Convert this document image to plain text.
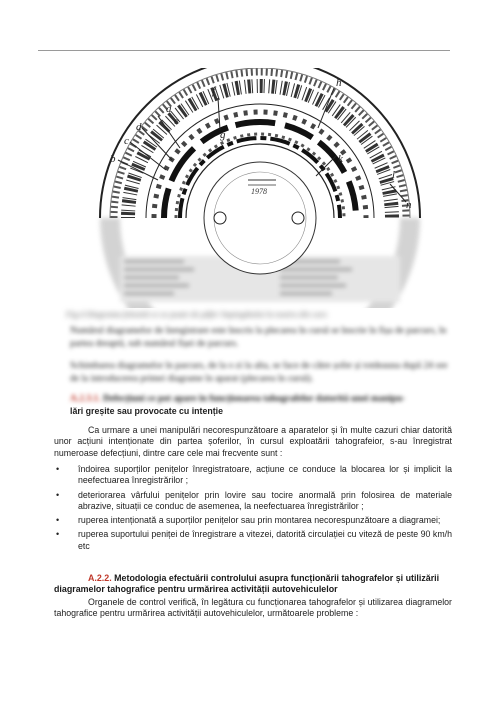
1978
b
c
d	e
f
g
h
k
l
n
a
Fig.4 Diagrama folosită ce se poate de păfer împingătului la nostru din curs
Numărul diagramelor de înregistrare este înscris la plecarea în cursă se înscrie în fișa de parcurs, în partea dreaptă, sub numărul fișei de parcurs.
Schimbarea diagramelor în parcurs, de la o zi la alta, se face de către șofer și totdeauna după 24 ore de la introducerea primei diagrame în aparat (plecarea în cursă).
A.2.3.1. Defecțiuni ce pot apare în funcționarea tahografelor datorită unei manipu-
lări greșite sau provocate cu intenție
Ca urmare a unei manipulări necorespunzătoare a aparatelor și în multe cazuri chiar datorită unor acțiuni intenționate din partea șoferilor, în cursul exploatării tahografeior, s-au înregistrat numeroase defecțiuni, dintre care cele mai frecvente sunt :
• îndoirea suporților penițelor înregistratoare, acțiune ce conduce la blocarea lor și implicit la neefectuarea înregistrărilor ;
• deteriorarea vârfului penițelor prin lovire sau tocire anormală prin folosirea de materiale abrazive, situații ce conduc de asemenea, la neefectuarea înregistrărilor ;
• ruperea intenționată a suporților penițelor sau prin montarea necorespunzătoare a diagramei;
• ruperea suportului peniței de înregistrare a vitezei, datorită circulației cu viteză de peste 90 km/h etc
A.2.2. Metodologia efectuării controlului asupra funcționării tahografelor și utilizării diagramelor tahografice pentru urmărirea activității autovehiculelor
Organele de control verifică, în legătura cu funcționarea tahografelor și utilizarea diagramelor tahografice pentru urmărirea activității autovehiculelor, următoarele probleme :
